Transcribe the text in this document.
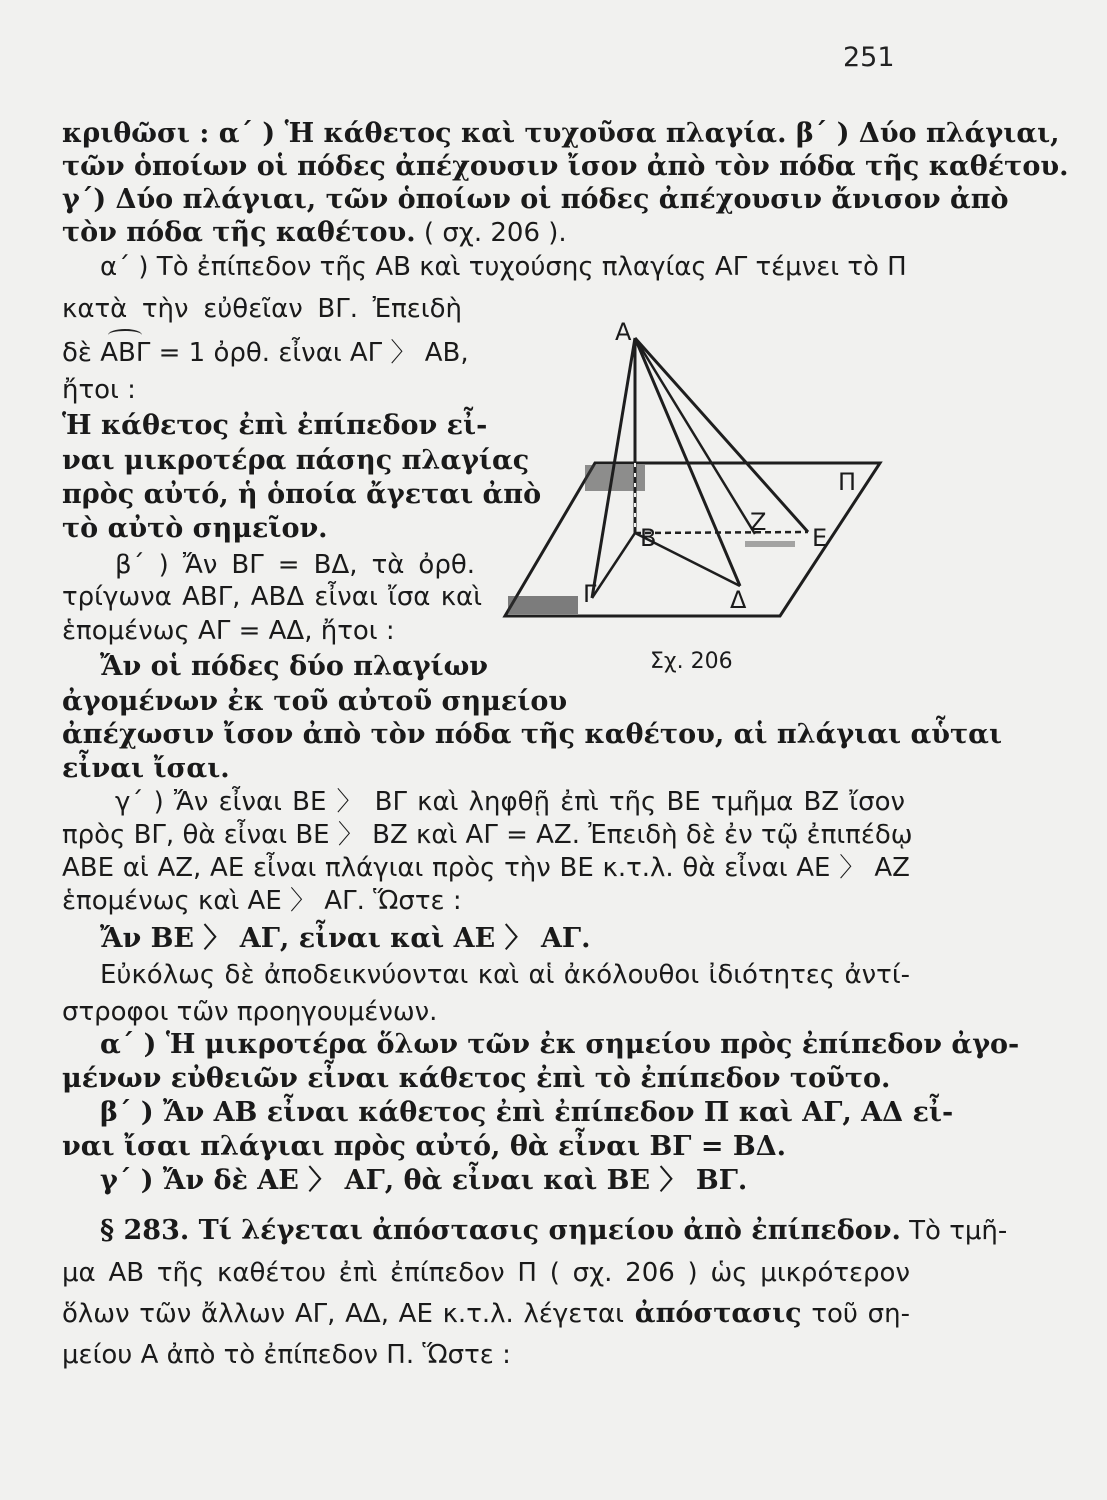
251
κριθῶσι : α΄ ) Ἡ κάθετος καὶ τυχοῦσα πλαγία. β΄ ) Δύο πλάγιαι,
τῶν ὁποίων οἱ πόδες ἀπέχουσιν ἴσον ἀπὸ τὸν πόδα τῆς καθέτου.
γ΄) Δύο πλάγιαι, τῶν ὁποίων οἱ πόδες ἀπέχουσιν ἄνισον ἀπὸ
τὸν πόδα τῆς καθέτου. ( σχ. 206 ).
α΄ ) Τὸ ἐπίπεδον τῆς ΑΒ καὶ τυχούσης πλαγίας ΑΓ τέμνει τὸ Π
κατὰ τὴν εὐθεῖαν ΒΓ. Ἐπειδὴ
δὲ ΑΒΓ = 1 ὀρθ. εἶναι ΑΓ 〉 ΑΒ,
ἤτοι :
Ἡ κάθετος ἐπὶ ἐπίπεδον εἶ-
ναι μικροτέρα πάσης πλαγίας
πρὸς αὐτό, ἡ ὁποία ἄγεται ἀπὸ
τὸ αὐτὸ σημεῖον.
β΄ ) Ἄν ΒΓ = ΒΔ, τὰ ὀρθ.
τρίγωνα ΑΒΓ, ΑΒΔ εἶναι ἴσα καὶ
ἑπομένως ΑΓ = ΑΔ, ἤτοι :
Ἄν οἱ πόδες δύο πλαγίων
ἀγομένων ἐκ τοῦ αὐτοῦ σημείου
ἀπέχωσιν ἴσον ἀπὸ τὸν πόδα τῆς καθέτου, αἱ πλάγιαι αὗται
εἶναι ἴσαι.
γ΄ ) Ἄν εἶναι ΒΕ 〉 ΒΓ καὶ ληφθῇ ἐπὶ τῆς ΒΕ τμῆμα ΒΖ ἴσον
πρὸς ΒΓ, θὰ εἶναι ΒΕ 〉 ΒΖ καὶ ΑΓ = ΑΖ. Ἐπειδὴ δὲ ἐν τῷ ἐπιπέδῳ
ΑΒΕ αἱ ΑΖ, ΑΕ εἶναι πλάγιαι πρὸς τὴν ΒΕ κ.τ.λ. θὰ εἶναι ΑΕ 〉 ΑΖ
ἑπομένως καὶ ΑΕ 〉 ΑΓ. Ὥστε :
Ἄν ΒΕ 〉 ΑΓ, εἶναι καὶ ΑΕ 〉 ΑΓ.
Εὐκόλως δὲ ἀποδεικνύονται καὶ αἱ ἀκόλουθοι ἰδιότητες ἀντί-
στροφοι τῶν προηγουμένων.
α΄ ) Ἡ μικροτέρα ὅλων τῶν ἐκ σημείου πρὸς ἐπίπεδον ἀγο-
μένων εὐθειῶν εἶναι κάθετος ἐπὶ τὸ ἐπίπεδον τοῦτο.
β΄ ) Ἄν ΑΒ εἶναι κάθετος ἐπὶ ἐπίπεδον Π καὶ ΑΓ, ΑΔ εἶ-
ναι ἴσαι πλάγιαι πρὸς αὐτό, θὰ εἶναι ΒΓ = ΒΔ.
γ΄ ) Ἄν δὲ ΑΕ 〉 ΑΓ, θὰ εἶναι καὶ ΒΕ 〉 ΒΓ.
§ 283. Τί λέγεται ἀπόστασις σημείου ἀπὸ ἐπίπεδον. Τὸ τμῆ-
μα ΑΒ τῆς καθέτου ἐπὶ ἐπίπεδον Π ( σχ. 206 ) ὡς μικρότερον
ὅλων τῶν ἄλλων ΑΓ, ΑΔ, ΑΕ κ.τ.λ. λέγεται ἀπόστασις τοῦ ση-
μείου Α ἀπὸ τὸ ἐπίπεδον Π. Ὥστε :
Α
Β
Γ	Δ
Ζ
Ε
Π
Σχ. 206
